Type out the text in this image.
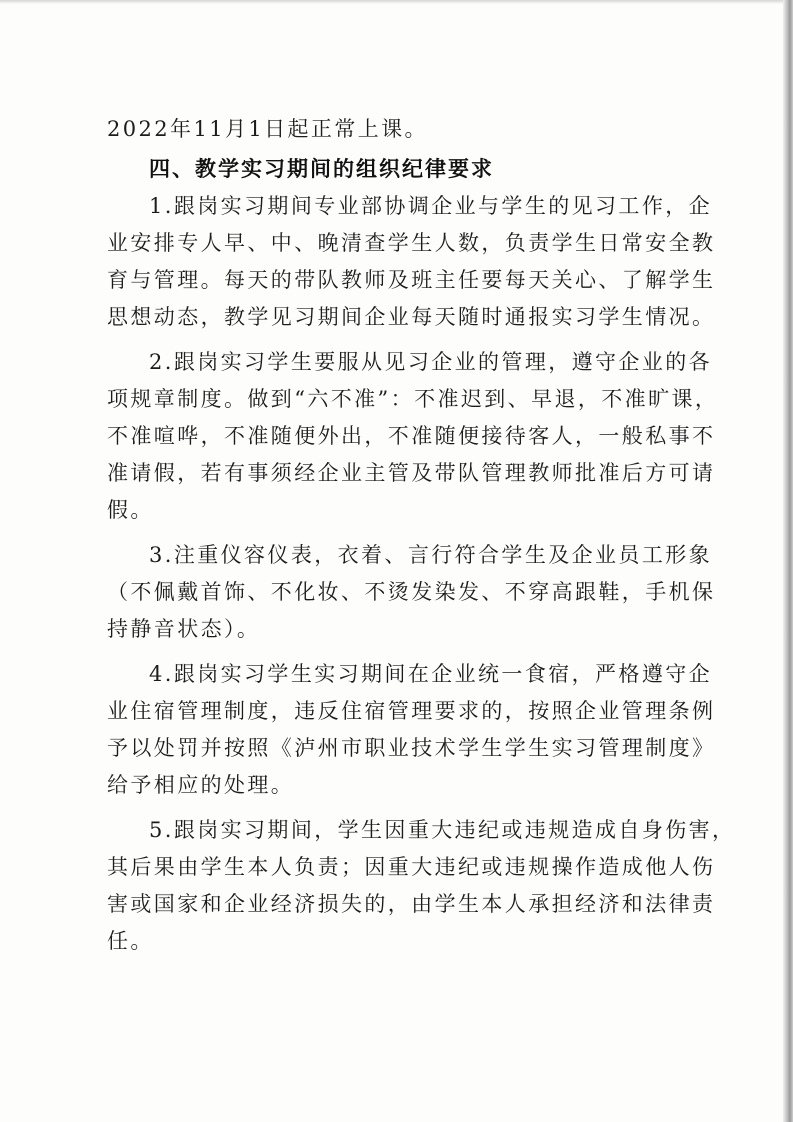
2022年11月1日起正常上课。
四、教学实习期间的组织纪律要求
1.跟岗实习期间专业部协调企业与学生的见习工作，企
业安排专人早、中、晚清查学生人数，负责学生日常安全教
育与管理。每天的带队教师及班主任要每天关心、了解学生
思想动态，教学见习期间企业每天随时通报实习学生情况。
2.跟岗实习学生要服从见习企业的管理，遵守企业的各
项规章制度。做到“六不准”：不准迟到、早退，不准旷课，
不准喧哗，不准随便外出，不准随便接待客人，一般私事不
准请假，若有事须经企业主管及带队管理教师批准后方可请
假。
3.注重仪容仪表，衣着、言行符合学生及企业员工形象
（不佩戴首饰、不化妆、不烫发染发、不穿高跟鞋，手机保
持静音状态）。
4.跟岗实习学生实习期间在企业统一食宿，严格遵守企
业住宿管理制度，违反住宿管理要求的，按照企业管理条例
予以处罚并按照《泸州市职业技术学生学生实习管理制度》
给予相应的处理。
5.跟岗实习期间，学生因重大违纪或违规造成自身伤害，
其后果由学生本人负责；因重大违纪或违规操作造成他人伤
害或国家和企业经济损失的，由学生本人承担经济和法律责
任。
